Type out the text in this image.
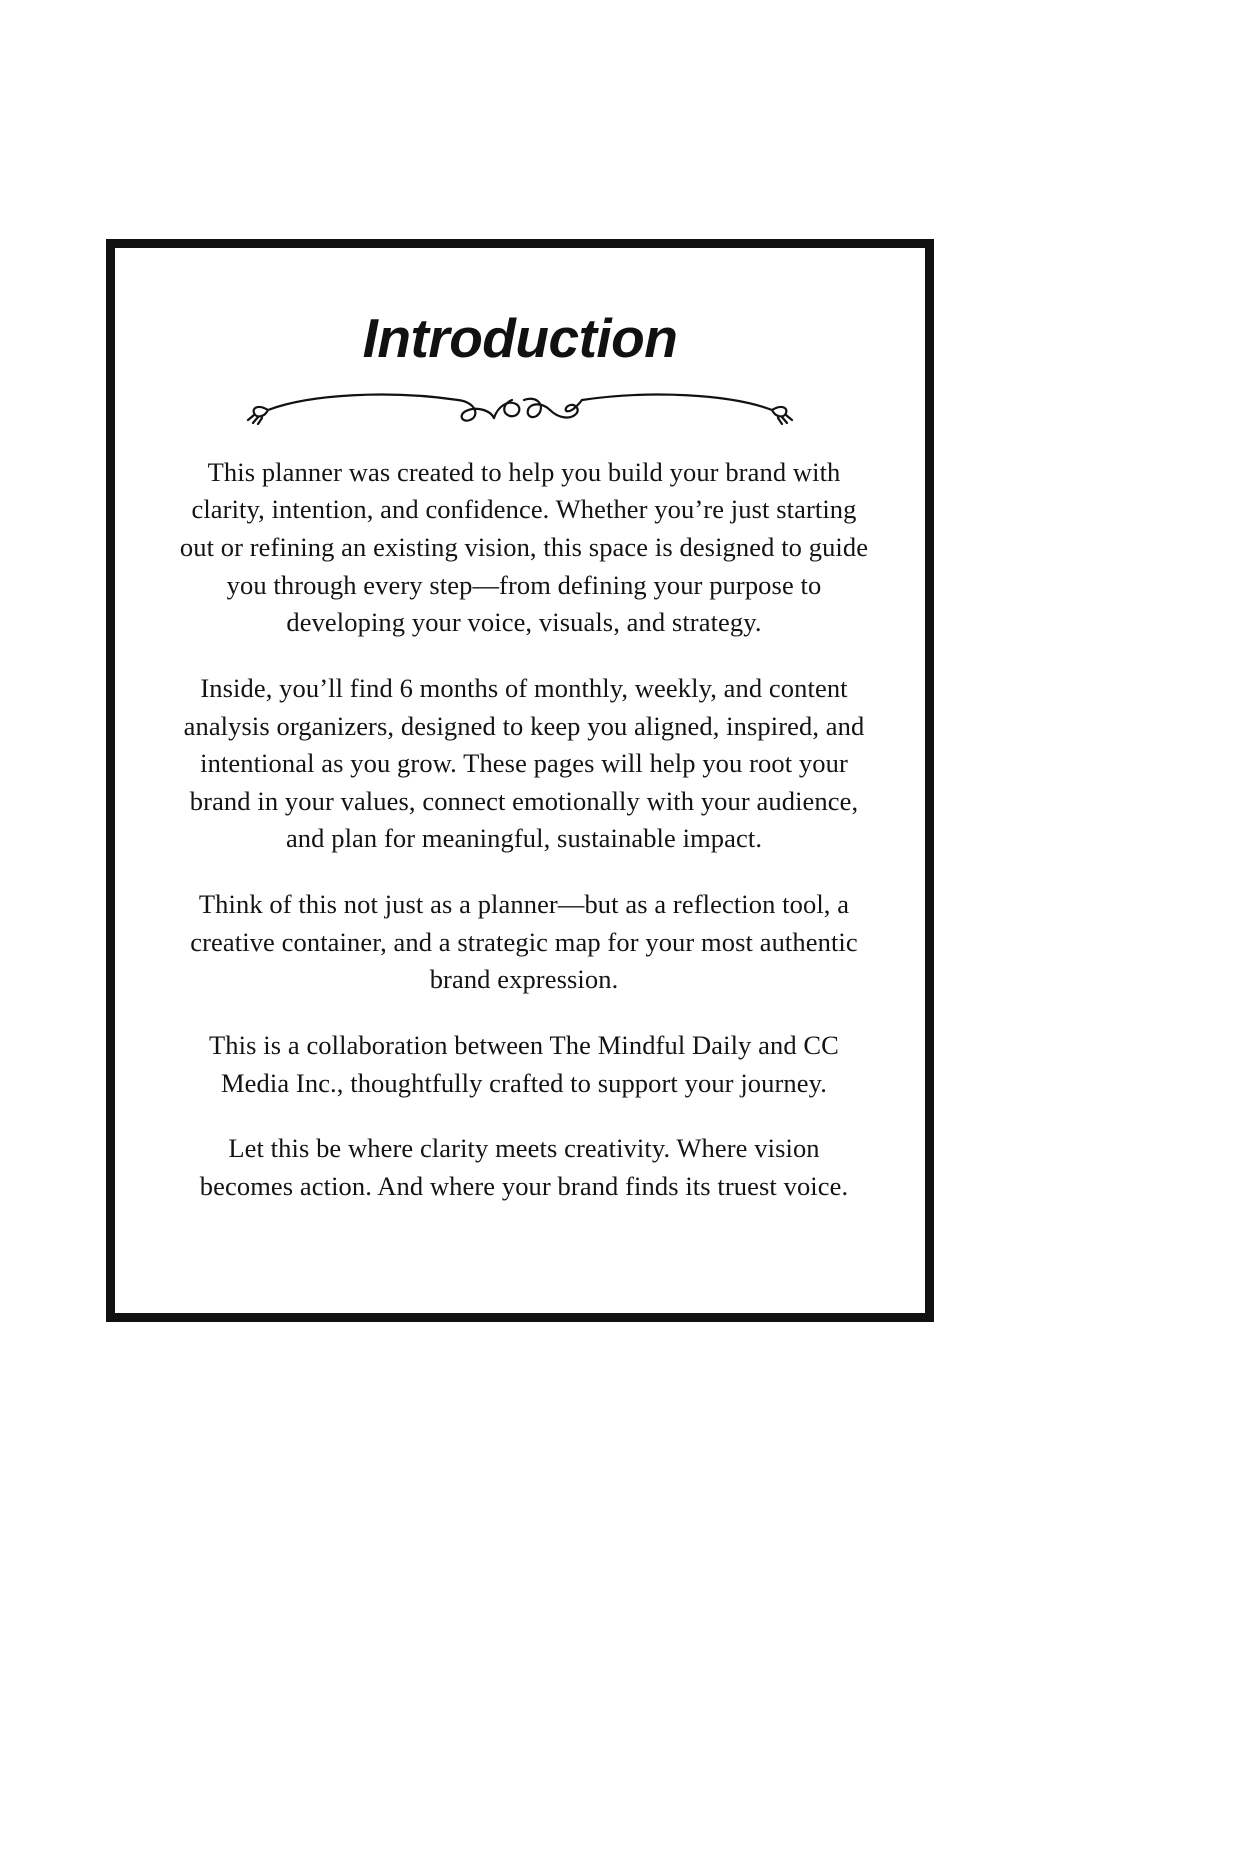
Introduction

This planner was created to help you build your brand with clarity, intention, and confidence. Whether you’re just starting out or refining an existing vision, this space is designed to guide you through every step—from defining your purpose to developing your voice, visuals, and strategy.

Inside, you’ll find 6 months of monthly, weekly, and content analysis organizers, designed to keep you aligned, inspired, and intentional as you grow. These pages will help you root your brand in your values, connect emotionally with your audience, and plan for meaningful, sustainable impact.

Think of this not just as a planner—but as a reflection tool, a creative container, and a strategic map for your most authentic brand expression.

This is a collaboration between The Mindful Daily and CC Media Inc., thoughtfully crafted to support your journey.

Let this be where clarity meets creativity. Where vision becomes action. And where your brand finds its truest voice.
